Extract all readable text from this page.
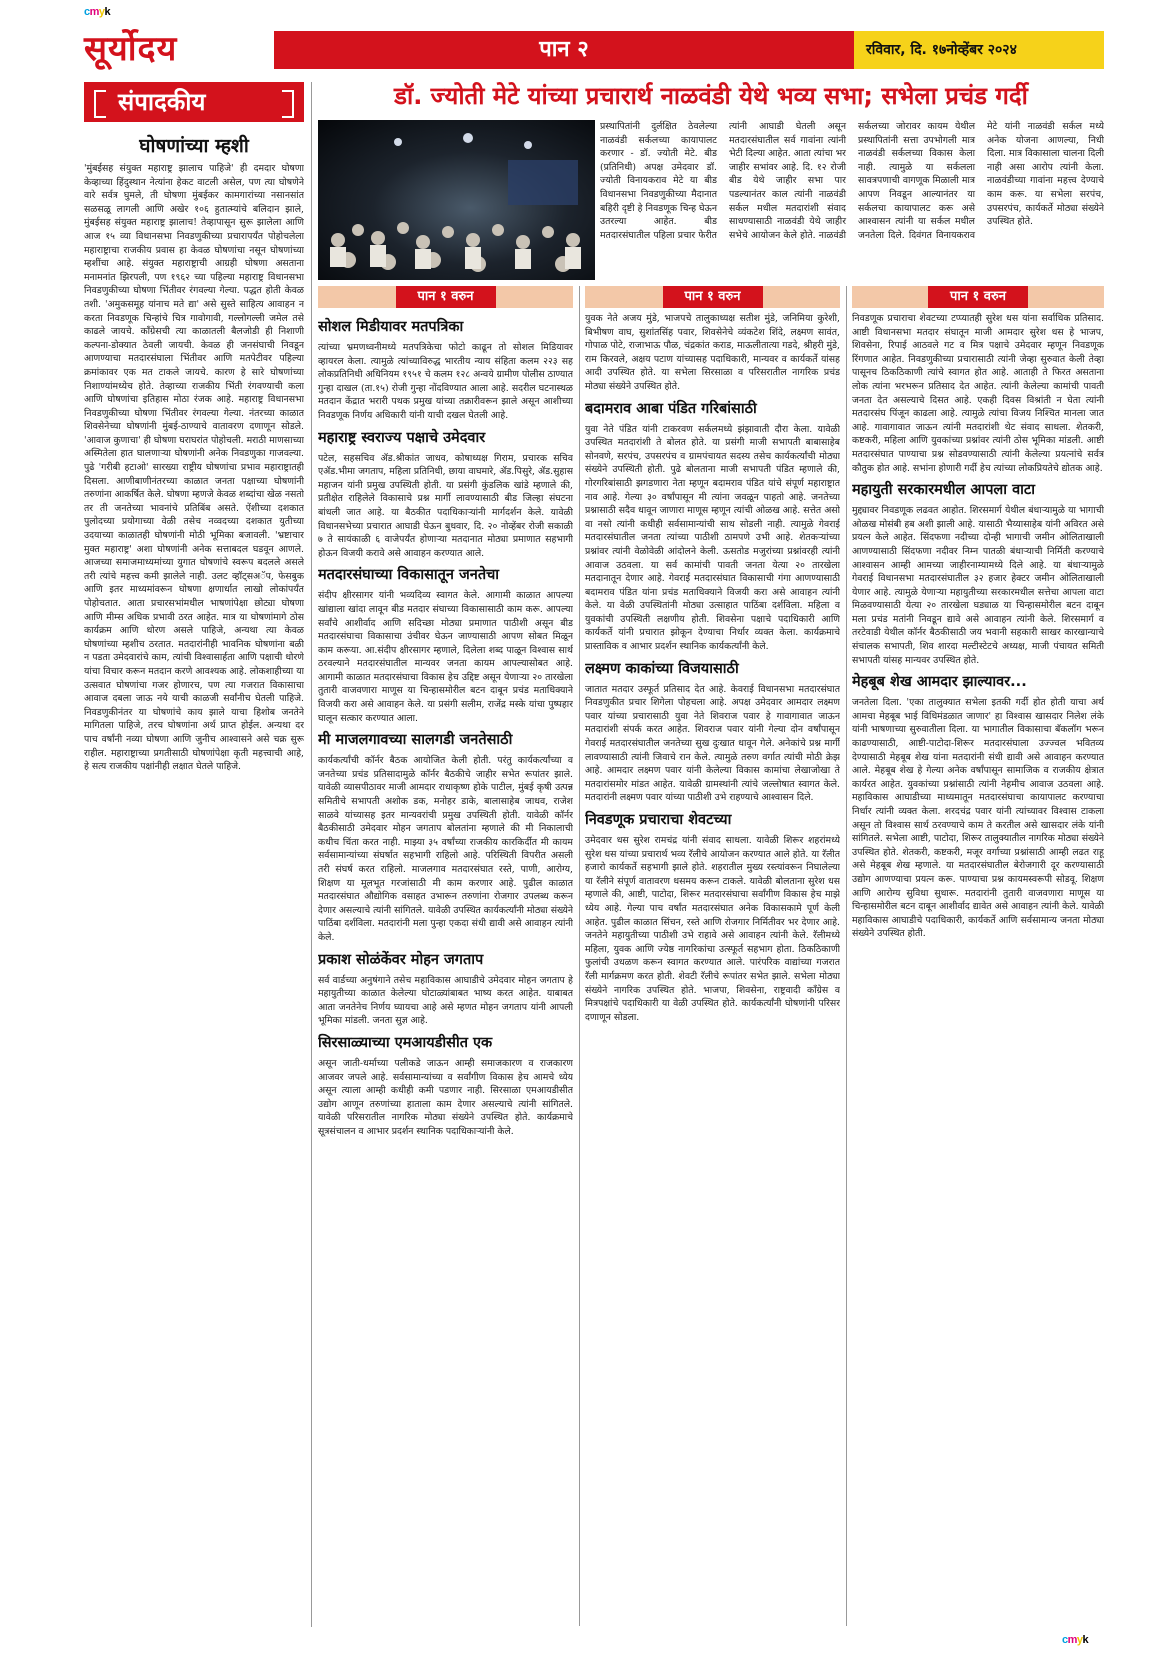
cmyk
cmyk
सूर्योदय	पान २	रविवार, दि. १७नोव्हेंबर २०२४
संपादकीय
घोषणांच्या म्हशी

'मुंबईसह संयुक्त महाराष्ट्र झालाच पाहिजे' ही दमदार घोषणा केव्हाच्या हिंदुस्थान नेत्यांना हेकट वाटली असेल, पण त्या घोषणेने वारे सर्वत्र घुमले, ती घोषणा मुंबईकर कामगारांच्या नसानसांत सळसळू लागली आणि अखेर १०६ हुतात्म्यांचे बलिदान झाले, मुंबईसह संयुक्त महाराष्ट्र झालाच! तेव्हापासून सुरू झालेला आणि आज १५ व्या विधानसभा निवडणुकीच्या प्रचारापर्यंत पोहोचलेला महाराष्ट्राचा राजकीय प्रवास हा केवळ घोषणांचा नसून घोषणांच्या म्हशींचा आहे. संयुक्त महाराष्ट्राची आग्रही घोषणा असताना मनामनांत झिरपली, पण १९६२ च्या पहिल्या महाराष्ट्र विधानसभा निवडणुकीच्या घोषणा भिंतीवर रंगवल्या गेल्या. पद्धत होती केवळ तशी. 'अमुकसमूह यांनाच मते द्या' असे सुस्ते साहित्य आवाहन न करता निवडणूक चिन्हांचे चित्र गावोगावी, गल्लोगल्ली जमेल तसे काढले जायचे. काँग्रेसची त्या काळातली बैलजोडी ही निशाणी कल्पना-डोक्यात ठेवली जायची. केवळ ही जनसंघाची निवडून आणण्याचा मतदारसंघाला भिंतीवर आणि मतपेटीवर पहिल्या क्रमांकावर एक मत टाकले जायचे. कारण हे सारे घोषणांच्या निशाण्यांमध्येच होते. तेव्हाच्या राजकीय भिंती रंगवण्याची कला आणि घोषणांचा इतिहास मोठा रंजक आहे. महाराष्ट्र विधानसभा निवडणुकीच्या घोषणा भिंतीवर रंगवल्या गेल्या. नंतरच्या काळात शिवसेनेच्या घोषणांनी मुंबई-ठाण्याचे वातावरण दणाणून सोडले. 'आवाज कुणाचा' ही घोषणा घराघरांत पोहोचली. मराठी माणसाच्या अस्मितेला हात घालणाऱ्या घोषणांनी अनेक निवडणुका गाजवल्या. पुढे 'गरीबी हटाओ' सारख्या राष्ट्रीय घोषणांचा प्रभाव महाराष्ट्रातही दिसला. आणीबाणीनंतरच्या काळात जनता पक्षाच्या घोषणांनी तरुणांना आकर्षित केले. घोषणा म्हणजे केवळ शब्दांचा खेळ नसतो तर ती जनतेच्या भावनांचे प्रतिबिंब असते. ऐंशीच्या दशकात पुलोदच्या प्रयोगाच्या वेळी तसेच नव्वदच्या दशकात युतीच्या उदयाच्या काळातही घोषणांनी मोठी भूमिका बजावली. 'भ्रष्टाचार मुक्त महाराष्ट्र' अशा घोषणांनी अनेक सत्ताबदल घडवून आणले. आजच्या समाजमाध्यमांच्या युगात घोषणांचे स्वरूप बदलले असले तरी त्यांचे महत्त्व कमी झालेले नाही. उलट व्हॉट्सअॅप, फेसबुक आणि इतर माध्यमांवरून घोषणा क्षणार्धात लाखो लोकांपर्यंत पोहोचतात. आता प्रचारसभांमधील भाषणांपेक्षा छोट्या घोषणा आणि मीम्स अधिक प्रभावी ठरत आहेत. मात्र या घोषणांमागे ठोस कार्यक्रम आणि धोरण असले पाहिजे, अन्यथा त्या केवळ घोषणांच्या म्हशीच ठरतात. मतदारांनीही भावनिक घोषणांना बळी न पडता उमेदवारांचे काम, त्यांची विश्वासार्हता आणि पक्षाची धोरणे यांचा विचार करून मतदान करणे आवश्यक आहे. लोकशाहीच्या या उत्सवात घोषणांचा गजर होणारच, पण त्या गजरात विकासाचा आवाज दबला जाऊ नये याची काळजी सर्वांनीच घेतली पाहिजे. निवडणुकीनंतर या घोषणांचे काय झाले याचा हिशोब जनतेने मागितला पाहिजे, तरच घोषणांना अर्थ प्राप्त होईल. अन्यथा दर पाच वर्षांनी नव्या घोषणा आणि जुनीच आश्वासने असे चक्र सुरू राहील. महाराष्ट्राच्या प्रगतीसाठी घोषणांपेक्षा कृती महत्त्वाची आहे, हे सत्य राजकीय पक्षांनीही लक्षात घेतले पाहिजे.

डॉ. ज्योती मेटे यांच्या प्रचारार्थ नाळवंडी येथे भव्य सभा; सभेला प्रचंड गर्दी

प्रस्थापितांनी दुर्लक्षित ठेवलेल्या नाळवंडी सर्कलच्या कायापालट करणार - डॉ. ज्योती मेटे. बीड (प्रतिनिधी) अपक्ष उमेदवार डॉ. ज्योती विनायकराव मेटे या बीड विधानसभा निवडणुकीच्या मैदानात बहिरी दृष्टी हे निवडणूक चिन्ह घेऊन उतरल्या आहेत. बीड मतदारसंघातील पहिला प्रचार फेरीत त्यांनी आघाडी घेतली असून मतदारसंघातील सर्व गावांना त्यांनी भेटी दिल्या आहेत. आता त्यांचा भर जाहीर सभांवर आहे. दि. १२ रोजी बीड येथे जाहीर सभा पार पडल्यानंतर काल त्यांनी नाळवंडी सर्कल मधील मतदारांशी संवाद साधण्यासाठी नाळवंडी येथे जाहीर सभेचे आयोजन केले होते. नाळवंडी सर्कलच्या जोरावर कायम येथील प्रस्थापितांनी सत्ता उपभोगली मात्र नाळवंडी सर्कलच्या विकास केला नाही. त्यामुळे या सर्कलला सावत्रपणाची वागणूक मिळाली मात्र आपण निवडून आल्यानंतर या सर्कलचा कायापालट करू असे आश्वासन त्यांनी या सर्कल मधील जनतेला दिले. दिवंगत विनायकराव मेटे यांनी नाळवंडी सर्कल मध्ये अनेक योजना आणल्या, निधी दिला. मात्र विकासाला चालना दिली नाही असा आरोप त्यांनी केला. नाळवंडीच्या गावांना महत्त्व देण्याचे काम करू. या सभेला सरपंच, उपसरपंच, कार्यकर्ते मोठ्या संख्येने उपस्थित होते.

पान १ वरुन	पान १ वरुन	पान १ वरुन
सोशल मिडीयावर मतपत्रिका

त्यांच्या भ्रमणध्वनीमध्ये मतपत्रिकेचा फोटो काढून तो सोशल मिडियावर व्हायरल केला. त्यामुळे त्यांच्याविरुद्ध भारतीय न्याय संहिता कलम २२३ सह लोकप्रतिनिधी अधिनियम १९५१ चे कलम १२८ अन्वये ग्रामीण पोलीस ठाण्यात गुन्हा दाखल (ता.१५) रोजी गुन्हा नोंदविण्यात आला आहे. सदरील घटनास्थळ मतदान केंद्रात भरारी पथक प्रमुख यांच्या तक्रारीवरून झाले असून आशीच्या निवडणूक निर्णय अधिकारी यांनी याची दखल घेतली आहे.

महाराष्ट्र स्वराज्य पक्षाचे उमेदवार

पटेल, सहसचिव ॲड.श्रीकांत जाधव, कोषाध्यक्ष गिराम, प्रचारक सचिव एॲड.भीमा जगताप, महिला प्रतिनिधी, छाया वाघमारे, ॲड.पिसुरे, ॲड.सुहास महाजन यांनी प्रमुख उपस्थिती होती. या प्रसंगी कुंडलिक खांडे म्हणाले की, प्रतीक्षेत राहिलेले विकासाचे प्रश्न मार्गी लावण्यासाठी बीड जिल्हा संघटना बांधली जात आहे. या बैठकीत पदाधिकाऱ्यांनी मार्गदर्शन केले. यावेळी विधानसभेच्या प्रचारात आघाडी घेऊन बुधवार, दि. २० नोव्हेंबर रोजी सकाळी ७ ते सायंकाळी ६ वाजेपर्यंत होणाऱ्या मतदानात मोठ्या प्रमाणात सहभागी होऊन विजयी करावे असे आवाहन करण्यात आले.

मतदारसंघाच्या विकासातून जनतेचा

संदीप क्षीरसागर यांनी भव्यदिव्य स्वागत केले. आगामी काळात आपल्या खांद्याला खांदा लावून बीड मतदार संघाच्या विकासासाठी काम करू. आपल्या सर्वांचे आशीर्वाद आणि सदिच्छा मोठ्या प्रमाणात पाठीशी असून बीड मतदारसंघाचा विकासाचा उंचीवर घेऊन जाण्यासाठी आपण सोबत मिळून काम करूया. आ.संदीप क्षीरसागर म्हणाले, दिलेला शब्द पाळून विश्वास सार्थ ठरवल्याने मतदारसंघातील मान्यवर जनता कायम आपल्यासोबत आहे. आगामी काळात मतदारसंघाचा विकास हेच उद्दिष्ट असून येणाऱ्या २० तारखेला तुतारी वाजवणारा माणूस या चिन्हासमोरील बटन दाबून प्रचंड मताधिक्याने विजयी करा असे आवाहन केले. या प्रसंगी सलीम, राजेंद्र मस्के यांचा पुष्पहार घालून सत्कार करण्यात आला.

मी माजलगावच्या सालगडी जनतेसाठी

कार्यकर्त्यांची कॉर्नर बैठक आयोजित केली होती. परंतु कार्यकर्त्यांच्या व जनतेच्या प्रचंड प्रतिसादामुळे कॉर्नर बैठकीचे जाहीर सभेत रूपांतर झाले. यावेळी व्यासपीठावर माजी आमदार राधाकृष्ण होके पाटील, मुंबई कृषी उत्पन्न समितीचे सभापती अशोक डक, मनोहर डाके, बालासाहेब जाधव, राजेश साळवे यांच्यासह इतर मान्यवरांची प्रमुख उपस्थिती होती. यावेळी कॉर्नर बैठकीसाठी उमेदवार मोहन जगताप बोलतांना म्हणाले की मी निकालाची कधीच चिंता करत नाही. माझ्या ३५ वर्षांच्या राजकीय कारकिर्दीत मी कायम सर्वसामान्यांच्या संघर्षात सहभागी राहिलो आहे. परिस्थिती विपरीत असली तरी संघर्ष करत राहिलो. माजलगाव मतदारसंघात रस्ते, पाणी, आरोग्य, शिक्षण या मूलभूत गरजांसाठी मी काम करणार आहे. पुढील काळात मतदारसंघात औद्योगिक वसाहत उभारून तरुणांना रोजगार उपलब्ध करून देणार असल्याचे त्यांनी सांगितले. यावेळी उपस्थित कार्यकर्त्यांनी मोठ्या संख्येने पाठिंबा दर्शविला. मतदारांनी मला पुन्हा एकदा संधी द्यावी असे आवाहन त्यांनी केले.

प्रकाश सोळंकेंवर मोहन जगताप

सर्व वार्डच्या अनुषंगाने तसेच महाविकास आघाडीचे उमेदवार मोहन जगताप हे महायुतीच्या काळात केलेल्या घोटाळ्यांबाबत भाष्य करत आहेत. याबाबत आता जनतेनेच निर्णय घ्यायचा आहे असे म्हणत मोहन जगताप यांनी आपली भूमिका मांडली. जनता सुज्ञ आहे.

सिरसाळ्याच्या एमआयडीसीत एक

असून जाती-धर्माच्या पलीकडे जाऊन आम्ही समाजकारण व राजकारण आजवर जपले आहे. सर्वसामान्यांच्या व सर्वांगीण विकास हेच आमचे ध्येय असून त्याला आम्ही कधीही कमी पडणार नाही. सिरसाळा एमआयडीसीत उद्योग आणून तरुणांच्या हाताला काम देणार असल्याचे त्यांनी सांगितले. यावेळी परिसरातील नागरिक मोठ्या संख्येने उपस्थित होते. कार्यक्रमाचे सूत्रसंचालन व आभार प्रदर्शन स्थानिक पदाधिकाऱ्यांनी केले.

युवक नेते अजय मुंडे, भाजपचे तालुकाध्यक्ष सतीश मुंडे, जनिमिया कुरेशी, बिभीषण वाघ, सुशांतसिंह पवार, शिवसेनेचे व्यंकटेश शिंदे, लक्ष्मण सावंत, गोपाळ पोटे, राजाभाऊ पौळ, चंद्रकांत कराड, माऊलीतात्या गडदे, श्रीहरी मुंडे, राम किरवले, अक्षय पटाण यांच्यासह पदाधिकारी, मान्यवर व कार्यकर्ते यांसह आदी उपस्थित होते. या सभेला सिरसाळा व परिसरातील नागरिक प्रचंड मोठ्या संख्येने उपस्थित होते.

बदामराव आबा पंडित गरिबांसाठी

युवा नेते पंडित यांनी टाकरवण सर्कलमध्ये झंझावाती दौरा केला. यावेळी उपस्थित मतदारांशी ते बोलत होते. या प्रसंगी माजी सभापती बाबासाहेब सोनवणे, सरपंच, उपसरपंच व ग्रामपंचायत सदस्य तसेच कार्यकर्त्यांची मोठ्या संख्येने उपस्थिती होती. पुढे बोलताना माजी सभापती पंडित म्हणाले की, गोरगरिबांसाठी झगडणारा नेता म्हणून बदामराव पंडित यांचे संपूर्ण महाराष्ट्रात नाव आहे. गेल्या ३० वर्षांपासून मी त्यांना जवळून पाहतो आहे. जनतेच्या प्रश्नासाठी सदैव धावून जाणारा माणूस म्हणून त्यांची ओळख आहे. सत्तेत असो वा नसो त्यांनी कधीही सर्वसामान्यांची साथ सोडली नाही. त्यामुळे गेवराई मतदारसंघातील जनता त्यांच्या पाठीशी ठामपणे उभी आहे. शेतकऱ्यांच्या प्रश्नांवर त्यांनी वेळोवेळी आंदोलने केली. ऊसतोड मजुरांच्या प्रश्नांवरही त्यांनी आवाज उठवला. या सर्व कामांची पावती जनता येत्या २० तारखेला मतदानातून देणार आहे. गेवराई मतदारसंघात विकासाची गंगा आणण्यासाठी बदामराव पंडित यांना प्रचंड मताधिक्याने विजयी करा असे आवाहन त्यांनी केले. या वेळी उपस्थितांनी मोठ्या उत्साहात पाठिंबा दर्शविला. महिला व युवकांची उपस्थिती लक्षणीय होती. शिवसेना पक्षाचे पदाधिकारी आणि कार्यकर्ते यांनी प्रचारात झोकून देण्याचा निर्धार व्यक्त केला. कार्यक्रमाचे प्रास्ताविक व आभार प्रदर्शन स्थानिक कार्यकर्त्यांनी केले.

लक्ष्मण काकांच्या विजयासाठी

जातात मतदार उस्फूर्त प्रतिसाद देत आहे. केवराई विधानसभा मतदारसंघात निवडणुकीत प्रचार शिगेला पोहचला आहे. अपक्ष उमेदवार आमदार लक्ष्मण पवार यांच्या प्रचारासाठी युवा नेते शिवराज पवार हे गावागावात जाऊन मतदारांशी संपर्क करत आहेत. शिवराज पवार यांनी गेल्या दोन वर्षांपासून गेवराई मतदारसंघातील जनतेच्या सुख दुःखात धावून गेले. अनेकांचे प्रश्न मार्गी लावण्यासाठी त्यांनी जिवाचे रान केले. त्यामुळे तरुण वर्गात त्यांची मोठी क्रेझ आहे. आमदार लक्ष्मण पवार यांनी केलेल्या विकास कामांचा लेखाजोखा ते मतदारांसमोर मांडत आहेत. यावेळी ग्रामस्थांनी त्यांचे जल्लोषात स्वागत केले. मतदारांनी लक्ष्मण पवार यांच्या पाठीशी उभे राहण्याचे आश्वासन दिले.

निवडणूक प्रचाराचा शेवटच्या

उमेदवार धस सुरेश रामचंद्र यांनी संवाद साधला. यावेळी शिरूर शहरांमध्ये सुरेश धस यांच्या प्रचारार्थ भव्य रॅलीचे आयोजन करण्यात आले होते. या रॅलीत हजारो कार्यकर्ते सहभागी झाले होते. शहरातील मुख्य रस्त्यांवरून निघालेल्या या रॅलीने संपूर्ण वातावरण धसमय करून टाकले. यावेळी बोलताना सुरेश धस म्हणाले की, आष्टी, पाटोदा, शिरूर मतदारसंघाचा सर्वांगीण विकास हेच माझे ध्येय आहे. गेल्या पाच वर्षांत मतदारसंघात अनेक विकासकामे पूर्ण केली आहेत. पुढील काळात सिंचन, रस्ते आणि रोजगार निर्मितीवर भर देणार आहे. जनतेने महायुतीच्या पाठीशी उभे राहावे असे आवाहन त्यांनी केले. रॅलीमध्ये महिला, युवक आणि ज्येष्ठ नागरिकांचा उत्स्फूर्त सहभाग होता. ठिकठिकाणी फुलांची उधळण करून स्वागत करण्यात आले. पारंपरिक वाद्यांच्या गजरात रॅली मार्गक्रमण करत होती. शेवटी रॅलीचे रूपांतर सभेत झाले. सभेला मोठ्या संख्येने नागरिक उपस्थित होते. भाजपा, शिवसेना, राष्ट्रवादी काँग्रेस व मित्रपक्षांचे पदाधिकारी या वेळी उपस्थित होते. कार्यकर्त्यांनी घोषणांनी परिसर दणाणून सोडला.

निवडणूक प्रचाराचा शेवटच्या टप्प्यातही सुरेश धस यांना सर्वाधिक प्रतिसाद. आष्टी विधानसभा मतदार संघातून माजी आमदार सुरेश धस हे भाजप, शिवसेना, रिपाई आठवले गट व मित्र पक्षाचे उमेदवार म्हणून निवडणूक रिंगणात आहेत. निवडणुकीच्या प्रचारासाठी त्यांनी जेव्हा सुरुवात केली तेव्हा पासूनच ठिकठिकाणी त्यांचे स्वागत होत आहे. आताही ते फिरत असताना लोक त्यांना भरभरून प्रतिसाद देत आहेत. त्यांनी केलेल्या कामांची पावती जनता देत असल्याचे दिसत आहे. एकही दिवस विश्रांती न घेता त्यांनी मतदारसंघ पिंजून काढला आहे. त्यामुळे त्यांचा विजय निश्चित मानला जात आहे. गावागावात जाऊन त्यांनी मतदारांशी थेट संवाद साधला. शेतकरी, कष्टकरी, महिला आणि युवकांच्या प्रश्नांवर त्यांनी ठोस भूमिका मांडली. आष्टी मतदारसंघात पाण्याचा प्रश्न सोडवण्यासाठी त्यांनी केलेल्या प्रयत्नांचे सर्वत्र कौतुक होत आहे. सभांना होणारी गर्दी हेच त्यांच्या लोकप्रियतेचे द्योतक आहे.

महायुती सरकारमधील आपला वाटा

मुद्द्यावर निवडणूक लढवत आहोत. शिरसमार्ग येथील बंधाऱ्यामुळे या भागाची ओळख मोसंबी हब अशी झाली आहे. यासाठी भैय्यासाहेब यांनी अविरत असे प्रयत्न केले आहेत. सिंदफणा नदीच्या दोन्ही भागाची जमीन ओलिताखाली आणण्यासाठी सिंदफणा नदीवर निम्न पातळी बंधाऱ्याची निर्मिती करण्याचे आश्वासन आम्ही आमच्या जाहीरनाम्यामध्ये दिले आहे. या बंधाऱ्यामुळे गेवराई विधानसभा मतदारसंघातील ३२ हजार हेक्टर जमीन ओलिताखाली येणार आहे. त्यामुळे येणाऱ्या महायुतीच्या सरकारमधील सत्तेचा आपला वाटा मिळवण्यासाठी येत्या २० तारखेला घड्याळ या चिन्हासमोरील बटन दाबून मला प्रचंड मतांनी निवडून द्यावे असे आवाहन त्यांनी केले. शिरसमार्ग व तरटेवाडी येथील कॉर्नर बैठकीसाठी जय भवानी सहकारी साखर कारखान्याचे संचालक सभापती, शिव शारदा मल्टीस्टेटचे अध्यक्ष, माजी पंचायत समिती सभापती यांसह मान्यवर उपस्थित होते.

मेहबूब शेख आमदार झाल्यावर...

जनतेला दिला. 'एका तालुक्यात सभेला इतकी गर्दी होत होती याचा अर्थ आमचा मेहबूब भाई विधिमंडळात जाणार' हा विश्वास खासदार निलेश लंके यांनी भाषणाच्या सुरुवातीला दिला. या भागातील विकासाचा बॅकलॉग भरून काढण्यासाठी, आष्टी-पाटोदा-शिरूर मतदारसंघाला उज्ज्वल भवितव्य देण्यासाठी मेहबूब शेख यांना मतदारांनी संधी द्यावी असे आवाहन करण्यात आले. मेहबूब शेख हे गेल्या अनेक वर्षांपासून सामाजिक व राजकीय क्षेत्रात कार्यरत आहेत. युवकांच्या प्रश्नांसाठी त्यांनी नेहमीच आवाज उठवला आहे. महाविकास आघाडीच्या माध्यमातून मतदारसंघाचा कायापालट करण्याचा निर्धार त्यांनी व्यक्त केला. शरदचंद्र पवार यांनी त्यांच्यावर विश्वास टाकला असून तो विश्वास सार्थ ठरवण्याचे काम ते करतील असे खासदार लंके यांनी सांगितले. सभेला आष्टी, पाटोदा, शिरूर तालुक्यातील नागरिक मोठ्या संख्येने उपस्थित होते. शेतकरी, कष्टकरी, मजूर वर्गाच्या प्रश्नांसाठी आम्ही लढत राहू असे मेहबूब शेख म्हणाले. या मतदारसंघातील बेरोजगारी दूर करण्यासाठी उद्योग आणण्याचा प्रयत्न करू. पाण्याचा प्रश्न कायमस्वरूपी सोडवू. शिक्षण आणि आरोग्य सुविधा सुधारू. मतदारांनी तुतारी वाजवणारा माणूस या चिन्हासमोरील बटन दाबून आशीर्वाद द्यावेत असे आवाहन त्यांनी केले. यावेळी महाविकास आघाडीचे पदाधिकारी, कार्यकर्ते आणि सर्वसामान्य जनता मोठ्या संख्येने उपस्थित होती.
